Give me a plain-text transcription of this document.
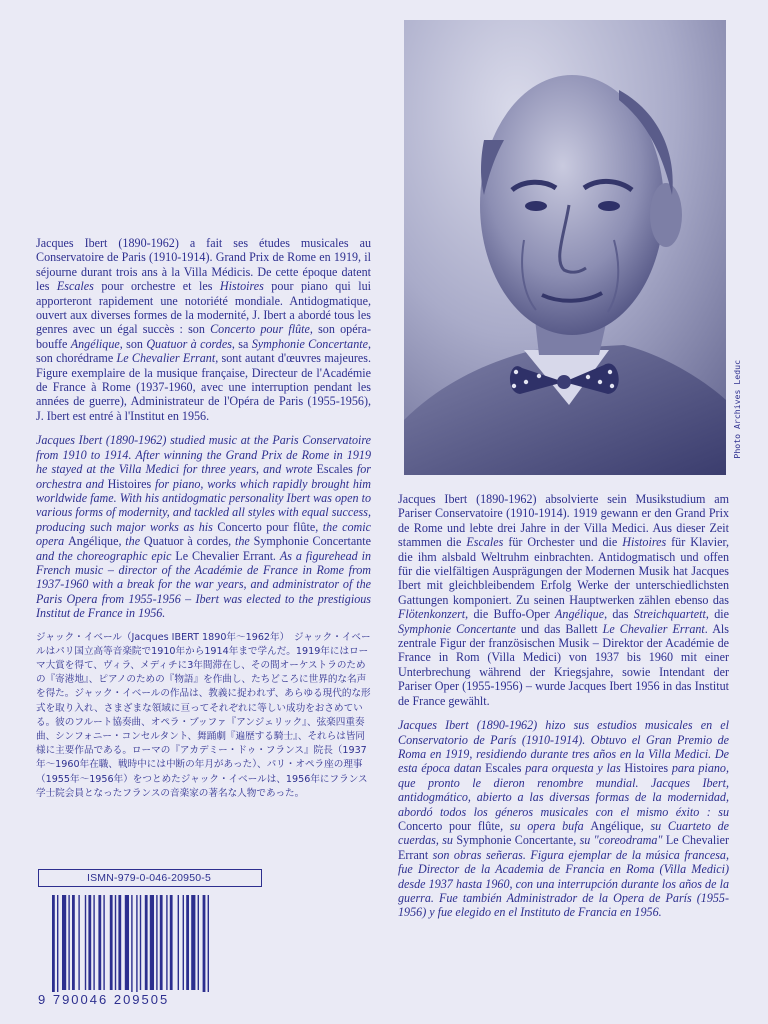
Jacques Ibert (1890-1962) a fait ses études musicales au Conservatoire de Paris (1910-1914). Grand Prix de Rome en 1919, il séjourne durant trois ans à la Villa Médicis. De cette époque datent les Escales pour orchestre et les Histoires pour piano qui lui apporteront rapidement une notoriété mondiale. Antidogmatique, ouvert aux diverses formes de la modernité, J. Ibert a abordé tous les genres avec un égal succès : son Concerto pour flûte, son opéra-bouffe Angélique, son Quatuor à cordes, sa Symphonie Concertante, son chorédrame Le Chevalier Errant, sont autant d'œuvres majeures. Figure exemplaire de la musique française, Directeur de l'Académie de France à Rome (1937-1960, avec une interruption pendant les années de guerre), Administrateur de l'Opéra de Paris (1955-1956), J. Ibert est entré à l'Institut en 1956.

Jacques Ibert (1890-1962) studied music at the Paris Conservatoire from 1910 to 1914. After winning the Grand Prix de Rome in 1919 he stayed at the Villa Medici for three years, and wrote Escales for orchestra and Histoires for piano, works which rapidly brought him worldwide fame. With his antidogmatic personality Ibert was open to various forms of modernity, and tackled all styles with equal success, producing such major works as his Concerto pour flûte, the comic opera Angélique, the Quatuor à cordes, the Symphonie Concertante and the choreographic epic Le Chevalier Errant. As a figurehead in French music – director of the Académie de France in Rome from 1937-1960 with a break for the war years, and administrator of the Paris Opera from 1955-1956 – Ibert was elected to the prestigious Institut de France in 1956.

ジャック・イベール（Jacques IBERT 1890年〜1962年）　ジャック・イベールはパリ国立高等音楽院で1910年から1914年まで学んだ。1919年にはローマ大賞を得て、ヴィラ、メディチに3年間滞在し、その間オーケストラのための『寄港地』、ピアノのための『物語』を作曲し、たちどころに世界的な名声を得た。ジャック・イベールの作品は、教義に捉われず、あらゆる現代的な形式を取り入れ、さまざまな領域に亘ってそれぞれに等しい成功をおさめている。彼のフルート協奏曲、オペラ・ブッファ『アンジェリック』、弦楽四重奏曲、シンフォニー・コンセルタント、舞踊劇『遍歴する騎士』、それらは皆同様に主要作品である。ローマの『アカデミー・ドゥ・フランス』院長（1937年〜1960年在職、戦時中には中断の年月があった）、パリ・オペラ座の理事（1955年〜1956年）をつとめたジャック・イベールは、1956年にフランス学士院会員となったフランスの音楽家の著名な人物であった。

Photo Archives Leduc

Jacques Ibert (1890-1962) absolvierte sein Musikstudium am Pariser Conservatoire (1910-1914). 1919 gewann er den Grand Prix de Rome und lebte drei Jahre in der Villa Medici. Aus dieser Zeit stammen die Escales für Orchester und die Histoires für Klavier, die ihm alsbald Weltruhm einbrachten. Antidogmatisch und offen für die vielfältigen Ausprägungen der Modernen Musik hat Jacques Ibert mit gleichbleibendem Erfolg Werke der unterschiedlichsten Gattungen komponiert. Zu seinen Hauptwerken zählen ebenso das Flötenkonzert, die Buffo-Oper Angélique, das Streichquartett, die Symphonie Concertante und das Ballett Le Chevalier Errant. Als zentrale Figur der französischen Musik – Direktor der Académie de France in Rom (Villa Medici) von 1937 bis 1960 mit einer Unterbrechung während der Kriegsjahre, sowie Intendant der Pariser Oper (1955-1956) – wurde Jacques Ibert 1956 in das Institut de France gewählt.

Jacques Ibert (1890-1962) hizo sus estudios musicales en el Conservatorio de París (1910-1914). Obtuvo el Gran Premio de Roma en 1919, residiendo durante tres años en la Villa Medici. De esta época datan Escales para orquesta y las Histoires para piano, que pronto le dieron renombre mundial. Jacques Ibert, antidogmático, abierto a las diversas formas de la modernidad, abordó todos los géneros musicales con el mismo éxito : su Concerto pour flûte, su opera bufa Angélique, su Cuarteto de cuerdas, su Symphonie Concertante, su "coreodrama" Le Chevalier Errant son obras señeras. Figura ejemplar de la música francesa, fue Director de la Academia de Francia en Roma (Villa Medici) desde 1937 hasta 1960, con una interrupción durante los años de la guerra. Fue también Administrador de la Opera de París (1955-1956) y fue elegido en el Instituto de Francia en 1956.

ISMN-979-0-046-20950-5
9 790046 209505
